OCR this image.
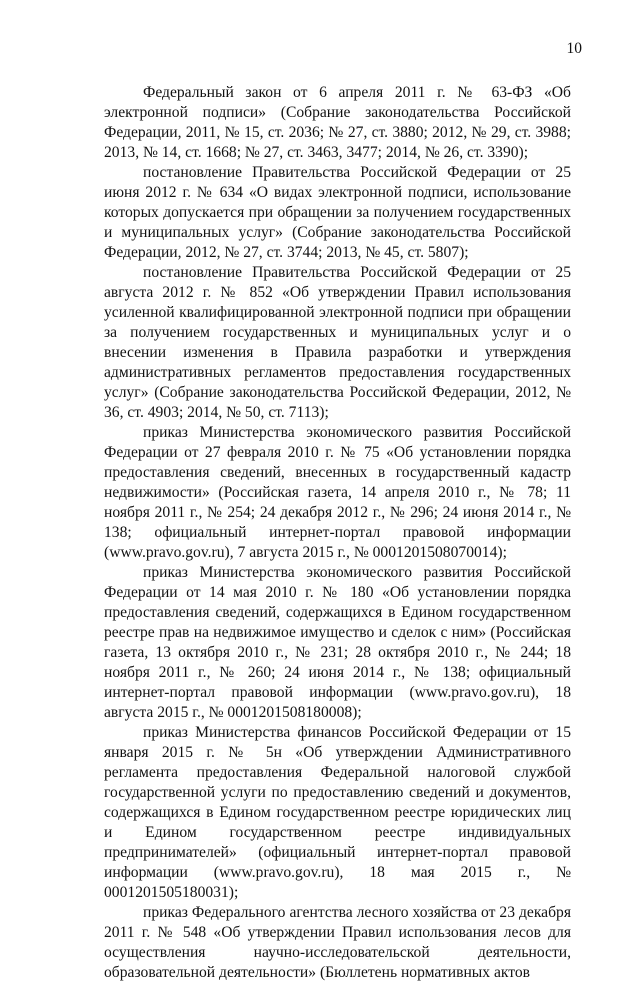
10

Федеральный закон от 6 апреля 2011 г. № 63-ФЗ «Об электронной подписи» (Собрание законодательства Российской Федерации, 2011, № 15, ст. 2036; № 27, ст. 3880; 2012, № 29, ст. 3988; 2013, № 14, ст. 1668; № 27, ст. 3463, 3477; 2014, № 26, ст. 3390);

постановление Правительства Российской Федерации от 25 июня 2012 г. № 634 «О видах электронной подписи, использование которых допускается при обращении за получением государственных и муниципальных услуг» (Собрание законодательства Российской Федерации, 2012, № 27, ст. 3744; 2013, № 45, ст. 5807);

постановление Правительства Российской Федерации от 25 августа 2012 г. № 852 «Об утверждении Правил использования усиленной квалифицированной электронной подписи при обращении за получением государственных и муниципальных услуг и о внесении изменения в Правила разработки и утверждения административных регламентов предоставления государственных услуг» (Собрание законодательства Российской Федерации, 2012, № 36, ст. 4903; 2014, № 50, ст. 7113);

приказ Министерства экономического развития Российской Федерации от 27 февраля 2010 г. № 75 «Об установлении порядка предоставления сведений, внесенных в государственный кадастр недвижимости» (Российская газета, 14 апреля 2010 г., № 78; 11 ноября 2011 г., № 254; 24 декабря 2012 г., № 296; 24 июня 2014 г., № 138; официальный интернет-портал правовой информации (www.pravo.gov.ru), 7 августа 2015 г., № 0001201508070014);

приказ Министерства экономического развития Российской Федерации от 14 мая 2010 г. № 180 «Об установлении порядка предоставления сведений, содержащихся в Едином государственном реестре прав на недвижимое имущество и сделок с ним» (Российская газета, 13 октября 2010 г., № 231; 28 октября 2010 г., № 244; 18 ноября 2011 г., № 260; 24 июня 2014 г., № 138; официальный интернет-портал правовой информации (www.pravo.gov.ru), 18 августа 2015 г., № 0001201508180008);

приказ Министерства финансов Российской Федерации от 15 января 2015 г. № 5н «Об утверждении Административного регламента предоставления Федеральной налоговой службой государственной услуги по предоставлению сведений и документов, содержащихся в Едином государственном реестре юридических лиц и Едином государственном реестре индивидуальных предпринимателей» (официальный интернет-портал правовой информации (www.pravo.gov.ru), 18 мая 2015 г., № 0001201505180031);

приказ Федерального агентства лесного хозяйства от 23 декабря 2011 г. № 548 «Об утверждении Правил использования лесов для осуществления научно-исследовательской деятельности, образовательной деятельности» (Бюллетень нормативных актов
